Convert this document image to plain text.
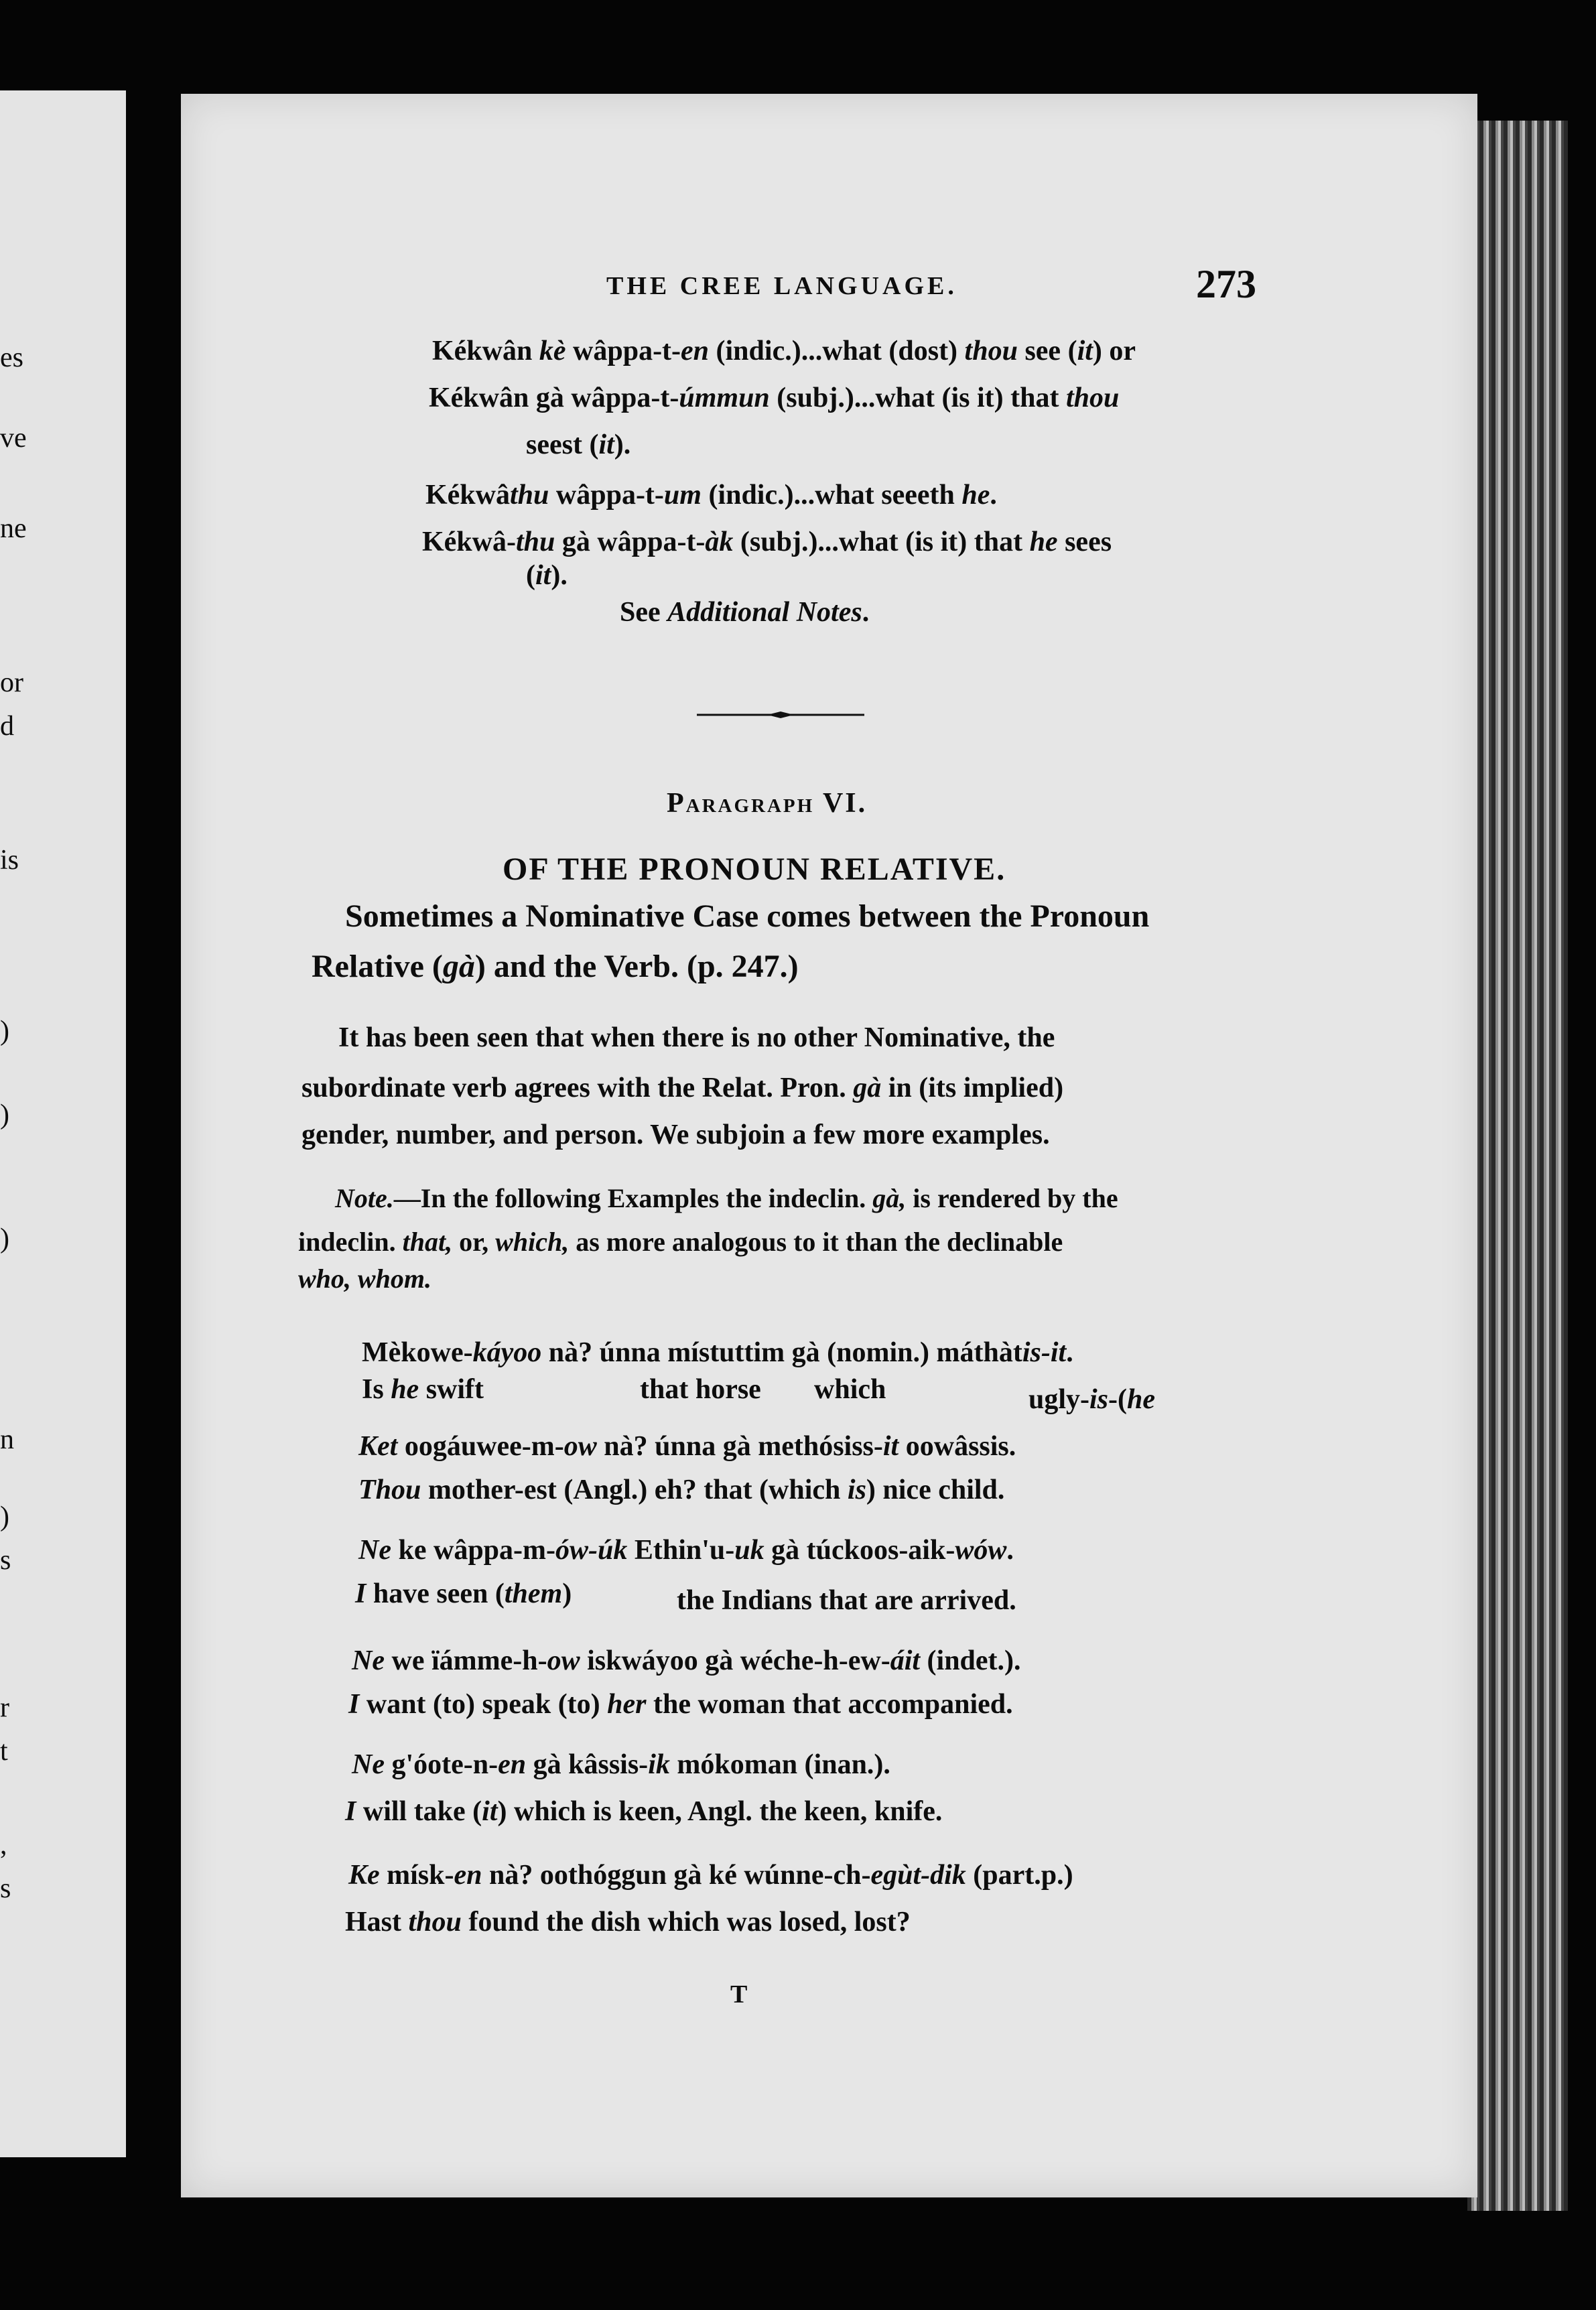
es
ve
ne
or
d
is
)
)
)
n
)
s
r
t
,
s
THE CREE LANGUAGE.	273
Kékwân kè wâppa-t-en (indic.)...what (dost) thou see (it) or
Kékwân gà wâppa-t-úmmun (subj.)...what (is it) that thou
seest (it).
Kékwâthu wâppa-t-um (indic.)...what seeeth he.
Kékwâ-thu gà wâppa-t-àk (subj.)...what (is it) that he sees
(it).
See Additional Notes.
Paragraph VI.
OF THE PRONOUN RELATIVE.
Sometimes a Nominative Case comes between the Pronoun
Relative (gà) and the Verb. (p. 247.)
It has been seen that when there is no other Nominative, the
subordinate verb agrees with the Relat. Pron. gà in (its implied)
gender, number, and person. We subjoin a few more examples.
Note.—In the following Examples the indeclin. gà, is rendered by the
indeclin. that, or, which, as more analogous to it than the declinable
who, whom.
Mèkowe-káyoo nà? únna místuttim gà (nomin.) máthàtis-it.
Is he swift	that horse which	ugly-is-(he
Ket oogáuwee-m-ow nà? únna gà methósiss-it oowâssis.
Thou mother-est (Angl.) eh? that (which is) nice child.
Ne ke wâppa-m-ów-úk Ethin'u-uk gà túckoos-aik-wów.
I have seen (them)	the Indians that are arrived.
Ne we ïámme-h-ow iskwáyoo gà wéche-h-ew-áit (indet.).
I want (to) speak (to) her the woman that accompanied.
Ne g'óote-n-en gà kâssis-ik mókoman (inan.).
I will take (it) which is keen, Angl. the keen, knife.
Ke mísk-en nà? oothóggun gà ké wúnne-ch-egùt-dik (part.p.)
Hast thou found the dish which was losed, lost?
T
